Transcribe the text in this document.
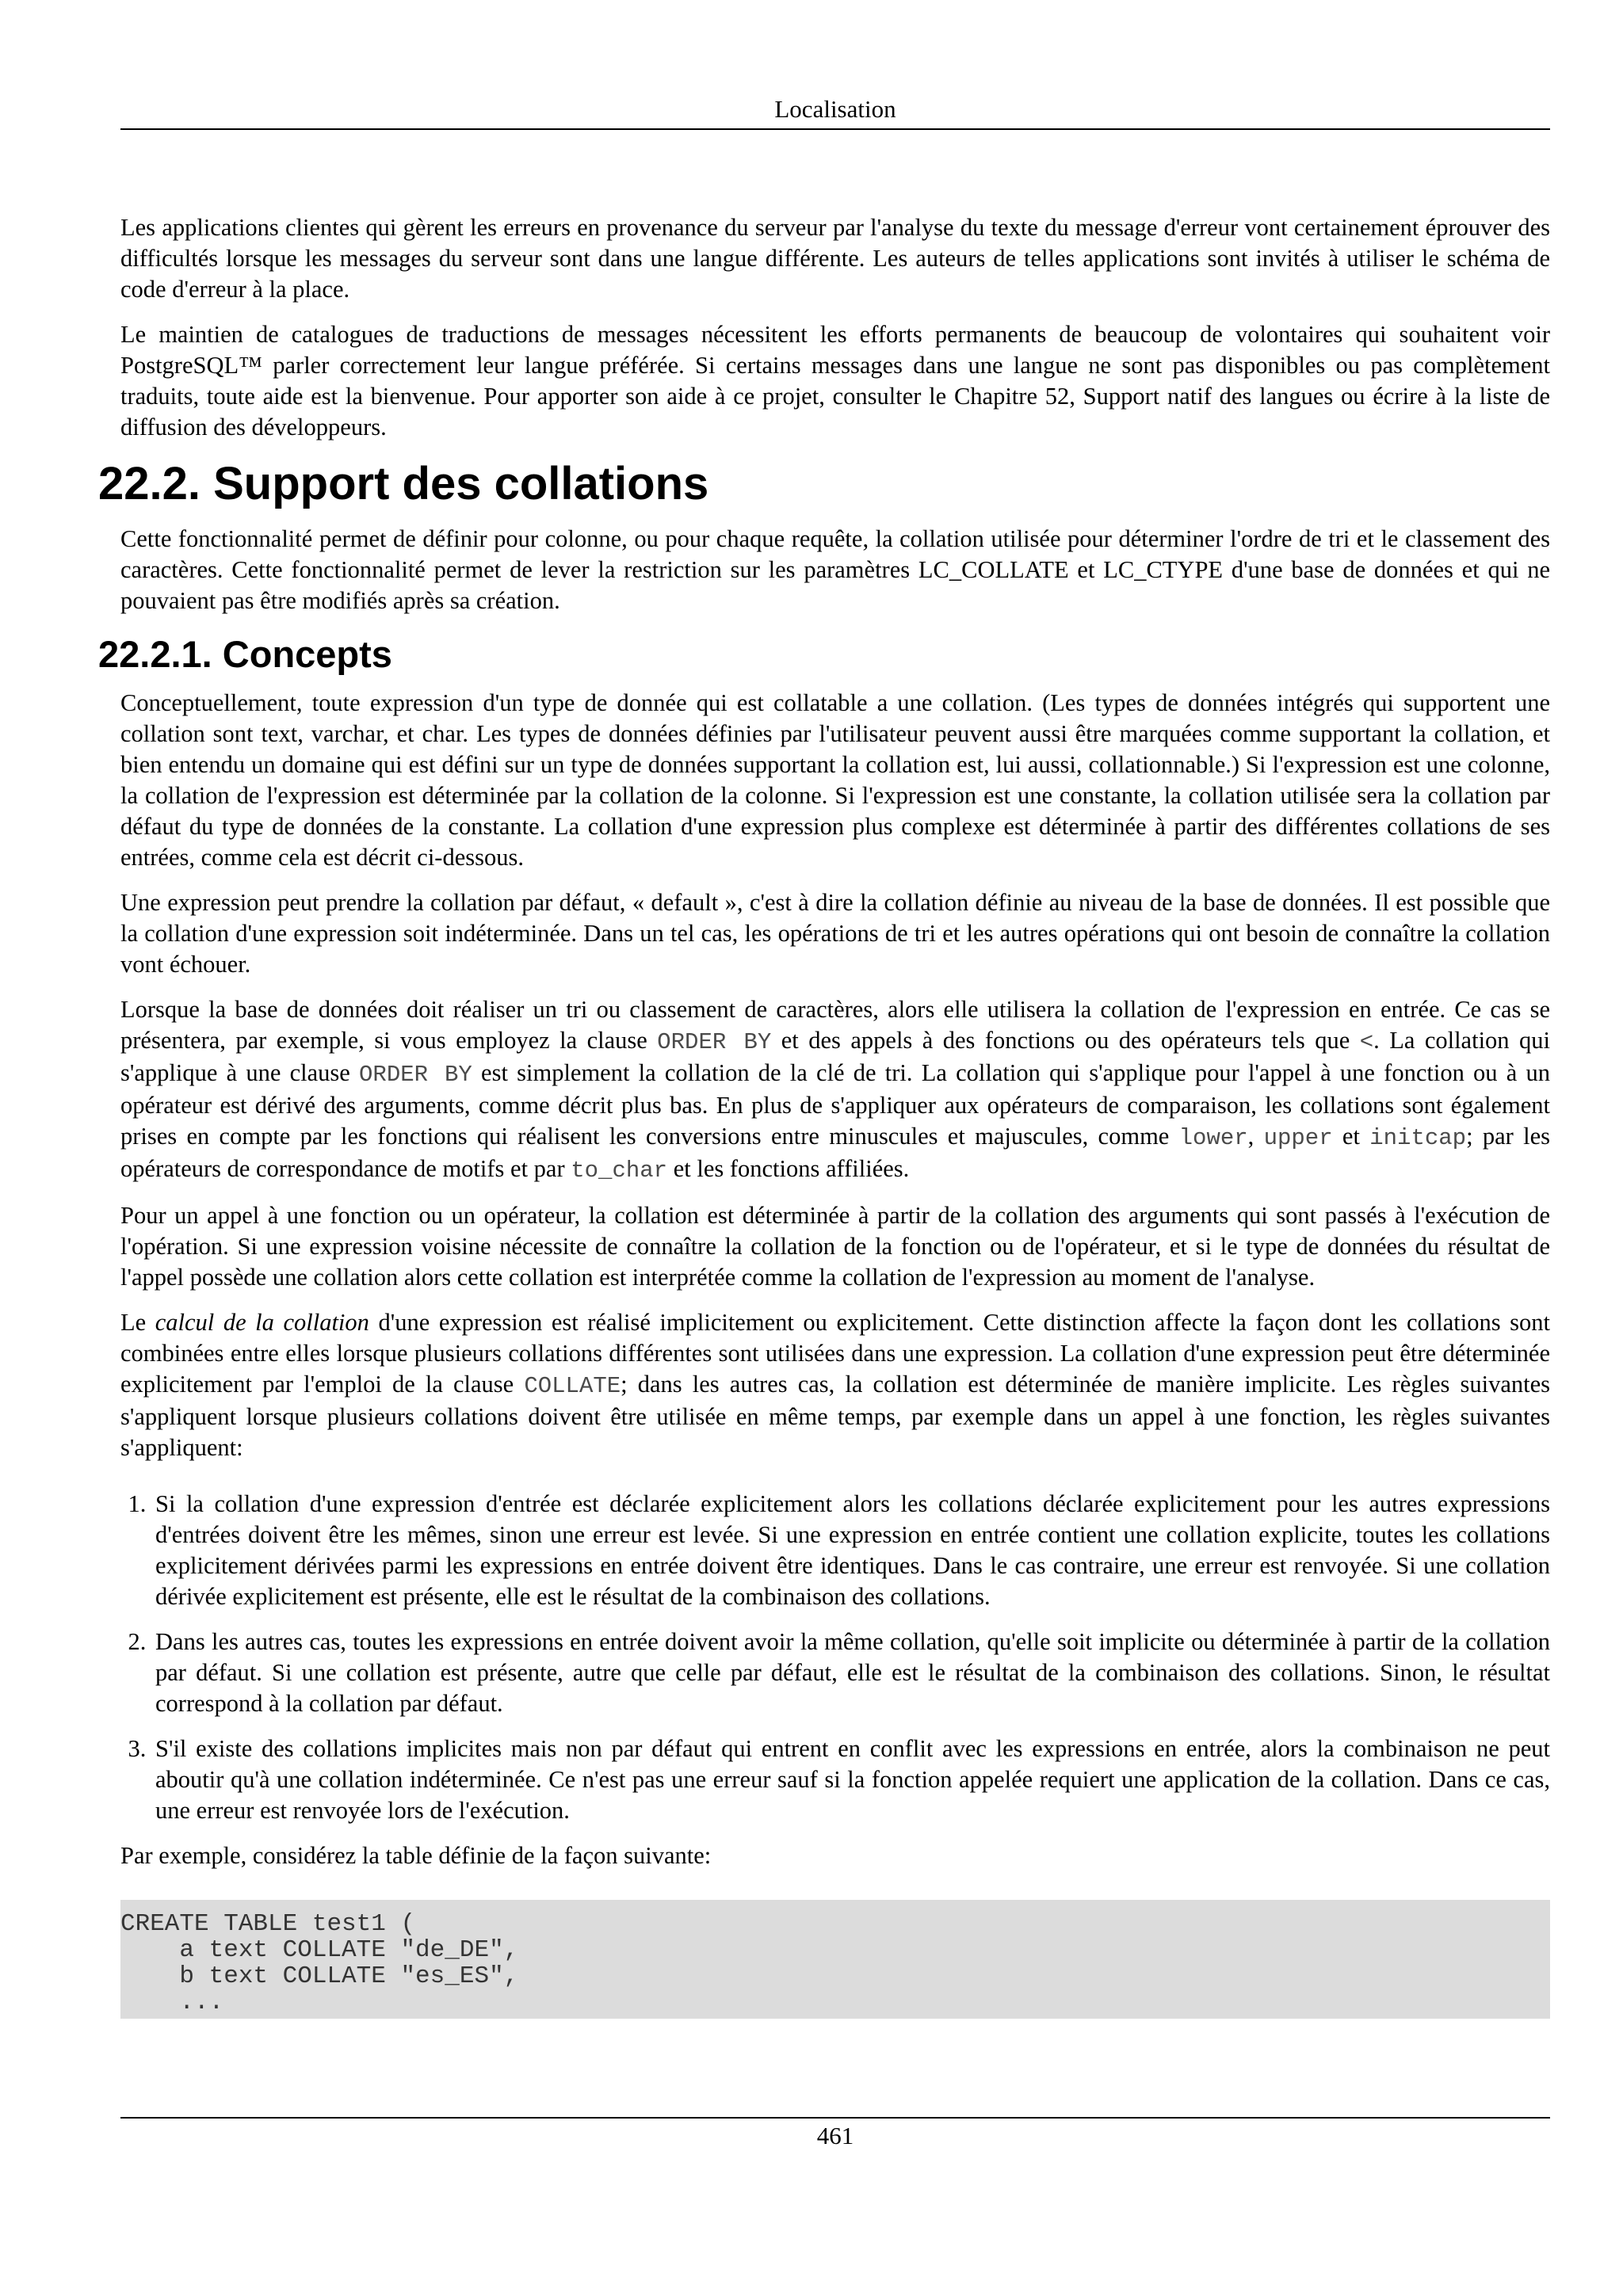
Localisation

Les applications clientes qui gèrent les erreurs en provenance du serveur par l'analyse du texte du message d'erreur vont certainement éprouver des difficultés lorsque les messages du serveur sont dans une langue différente. Les auteurs de telles applications sont invités à utiliser le schéma de code d'erreur à la place.

Le maintien de catalogues de traductions de messages nécessitent les efforts permanents de beaucoup de volontaires qui souhaitent voir PostgreSQL™ parler correctement leur langue préférée. Si certains messages dans une langue ne sont pas disponibles ou pas complètement traduits, toute aide est la bienvenue. Pour apporter son aide à ce projet, consulter le Chapitre 52, Support natif des langues ou écrire à la liste de diffusion des développeurs.

22.2. Support des collations

Cette fonctionnalité permet de définir pour colonne, ou pour chaque requête, la collation utilisée pour déterminer l'ordre de tri et le classement des caractères. Cette fonctionnalité permet de lever la restriction sur les paramètres LC_COLLATE et LC_CTYPE d'une base de données et qui ne pouvaient pas être modifiés après sa création.

22.2.1. Concepts

Conceptuellement, toute expression d'un type de donnée qui est collatable a une collation. (Les types de données intégrés qui supportent une collation sont text, varchar, et char. Les types de données définies par l'utilisateur peuvent aussi être marquées comme supportant la collation, et bien entendu un domaine qui est défini sur un type de données supportant la collation est, lui aussi, collationnable.) Si l'expression est une colonne, la collation de l'expression est déterminée par la collation de la colonne. Si l'expression est une constante, la collation utilisée sera la collation par défaut du type de données de la constante. La collation d'une expression plus complexe est déterminée à partir des différentes collations de ses entrées, comme cela est décrit ci-dessous.

Une expression peut prendre la collation par défaut, « default », c'est à dire la collation définie au niveau de la base de données. Il est possible que la collation d'une expression soit indéterminée. Dans un tel cas, les opérations de tri et les autres opérations qui ont besoin de connaître la collation vont échouer.

Lorsque la base de données doit réaliser un tri ou classement de caractères, alors elle utilisera la collation de l'expression en entrée. Ce cas se présentera, par exemple, si vous employez la clause ORDER BY et des appels à des fonctions ou des opérateurs tels que <. La collation qui s'applique à une clause ORDER BY est simplement la collation de la clé de tri. La collation qui s'applique pour l'appel à une fonction ou à un opérateur est dérivé des arguments, comme décrit plus bas. En plus de s'appliquer aux opérateurs de comparaison, les collations sont également prises en compte par les fonctions qui réalisent les conversions entre minuscules et majuscules, comme lower, upper et initcap; par les opérateurs de correspondance de motifs et par to_char et les fonctions affiliées.

Pour un appel à une fonction ou un opérateur, la collation est déterminée à partir de la collation des arguments qui sont passés à l'exécution de l'opération. Si une expression voisine nécessite de connaître la collation de la fonction ou de l'opérateur, et si le type de données du résultat de l'appel possède une collation alors cette collation est interprétée comme la collation de l'expression au moment de l'analyse.

Le calcul de la collation d'une expression est réalisé implicitement ou explicitement. Cette distinction affecte la façon dont les collations sont combinées entre elles lorsque plusieurs collations différentes sont utilisées dans une expression. La collation d'une expression peut être déterminée explicitement par l'emploi de la clause COLLATE; dans les autres cas, la collation est déterminée de manière implicite. Les règles suivantes s'appliquent lorsque plusieurs collations doivent être utilisée en même temps, par exemple dans un appel à une fonction, les règles suivantes s'appliquent:

1. Si la collation d'une expression d'entrée est déclarée explicitement alors les collations déclarée explicitement pour les autres expressions d'entrées doivent être les mêmes, sinon une erreur est levée. Si une expression en entrée contient une collation explicite, toutes les collations explicitement dérivées parmi les expressions en entrée doivent être identiques. Dans le cas contraire, une erreur est renvoyée. Si une collation dérivée explicitement est présente, elle est le résultat de la combinaison des collations.
2. Dans les autres cas, toutes les expressions en entrée doivent avoir la même collation, qu'elle soit implicite ou déterminée à partir de la collation par défaut. Si une collation est présente, autre que celle par défaut, elle est le résultat de la combinaison des collations. Sinon, le résultat correspond à la collation par défaut.
3. S'il existe des collations implicites mais non par défaut qui entrent en conflit avec les expressions en entrée, alors la combinaison ne peut aboutir qu'à une collation indéterminée. Ce n'est pas une erreur sauf si la fonction appelée requiert une application de la collation. Dans ce cas, une erreur est renvoyée lors de l'exécution.

Par exemple, considérez la table définie de la façon suivante:

CREATE TABLE test1 (
a text COLLATE "de_DE",
b text COLLATE "es_ES",
...
461
